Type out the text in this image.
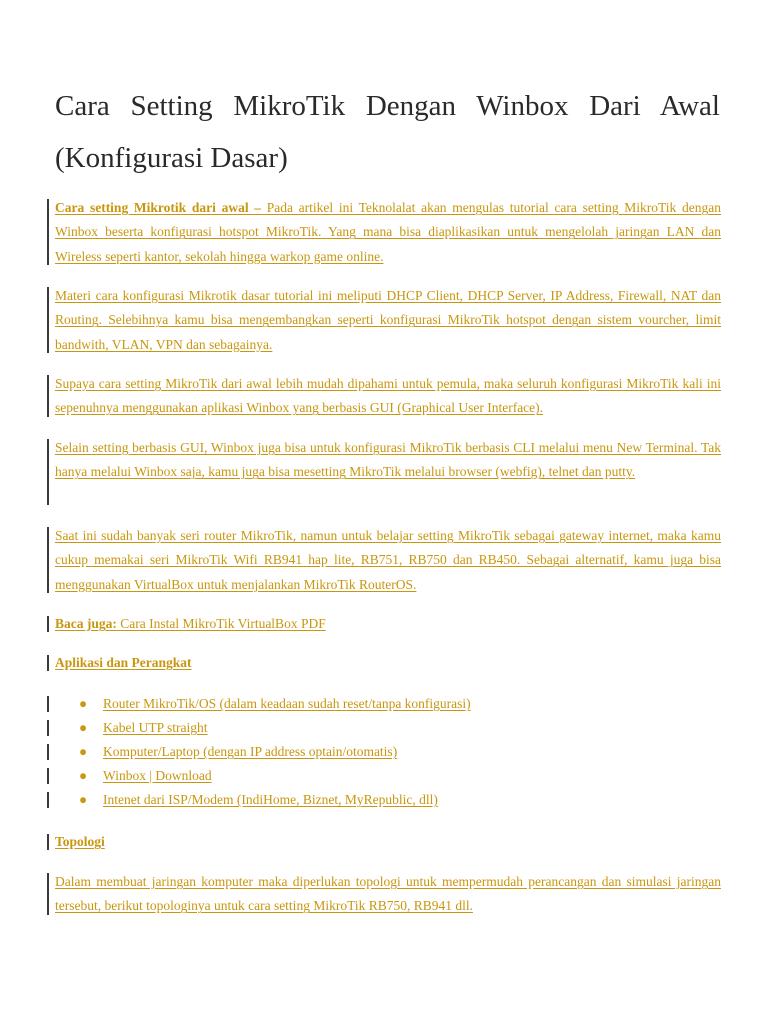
Cara Setting MikroTik Dengan Winbox Dari Awal (Konfigurasi Dasar)

Cara setting Mikrotik dari awal – Pada artikel ini Teknolalat akan mengulas tutorial cara setting MikroTik dengan Winbox beserta konfigurasi hotspot MikroTik. Yang mana bisa diaplikasikan untuk mengelolah jaringan LAN dan Wireless seperti kantor, sekolah hingga warkop game online.

Materi cara konfigurasi Mikrotik dasar tutorial ini meliputi DHCP Client, DHCP Server, IP Address, Firewall, NAT dan Routing. Selebihnya kamu bisa mengembangkan seperti konfigurasi MikroTik hotspot dengan sistem vourcher, limit bandwith, VLAN, VPN dan sebagainya.

Supaya cara setting MikroTik dari awal lebih mudah dipahami untuk pemula, maka seluruh konfigurasi MikroTik kali ini sepenuhnya menggunakan aplikasi Winbox yang berbasis GUI (Graphical User Interface).

Selain setting berbasis GUI, Winbox juga bisa untuk konfigurasi MikroTik berbasis CLI melalui menu New Terminal. Tak hanya melalui Winbox saja, kamu juga bisa mesetting MikroTik melalui browser (webfig), telnet dan putty.

Saat ini sudah banyak seri router MikroTik, namun untuk belajar setting MikroTik sebagai gateway internet, maka kamu cukup memakai seri MikroTik Wifi RB941 hap lite, RB751, RB750 dan RB450. Sebagai alternatif, kamu juga bisa menggunakan VirtualBox untuk menjalankan MikroTik RouterOS.

Baca juga: Cara Instal MikroTik VirtualBox PDF

Aplikasi dan Perangkat

● Router MikroTik/OS (dalam keadaan sudah reset/tanpa konfigurasi)
● Kabel UTP straight
● Komputer/Laptop (dengan IP address optain/otomatis)
● Winbox | Download
● Intenet dari ISP/Modem (IndiHome, Biznet, MyRepublic, dll)

Topologi

Dalam membuat jaringan komputer maka diperlukan topologi untuk mempermudah perancangan dan simulasi jaringan tersebut, berikut topologinya untuk cara setting MikroTik RB750, RB941 dll.
